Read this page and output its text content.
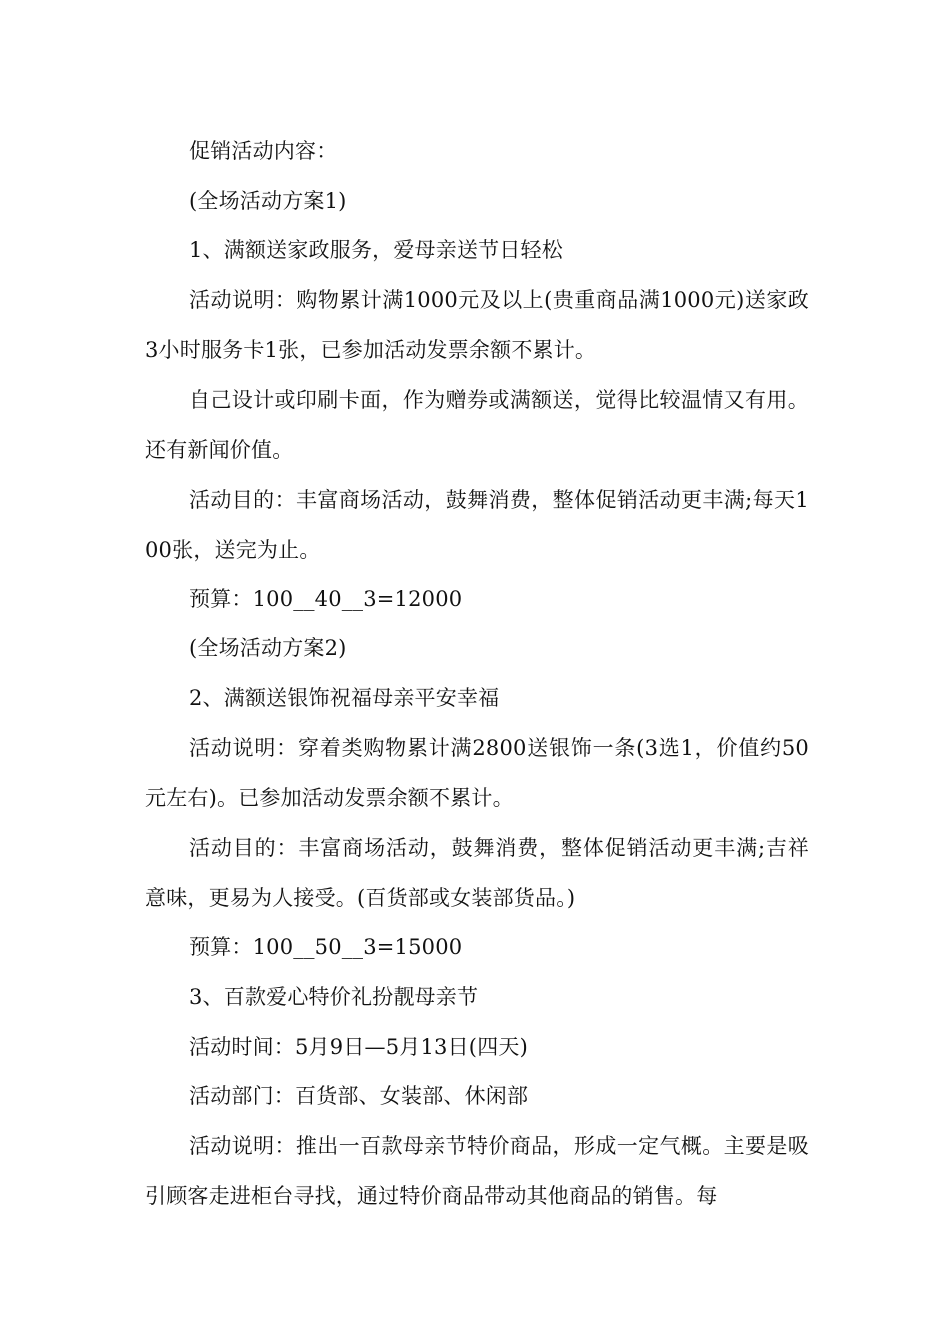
促销活动内容：

(全场活动方案1)

1、满额送家政服务，爱母亲送节日轻松

活动说明：购物累计满1000元及以上(贵重商品满1000元)送家政3小时服务卡1张，已参加活动发票余额不累计。

自己设计或印刷卡面，作为赠券或满额送，觉得比较温情又有用。还有新闻价值。

活动目的：丰富商场活动，鼓舞消费，整体促销活动更丰满;每天100张，送完为止。

预算：100__40__3=12000

(全场活动方案2)

2、满额送银饰祝福母亲平安幸福

活动说明：穿着类购物累计满2800送银饰一条(3选1，价值约50元左右)。已参加活动发票余额不累计。

活动目的：丰富商场活动，鼓舞消费，整体促销活动更丰满;吉祥意味，更易为人接受。(百货部或女装部货品。)

预算：100__50__3=15000

3、百款爱心特价礼扮靓母亲节

活动时间：5月9日—5月13日(四天)

活动部门：百货部、女装部、休闲部

活动说明：推出一百款母亲节特价商品，形成一定气概。主要是吸引顾客走进柜台寻找，通过特价商品带动其他商品的销售。每
